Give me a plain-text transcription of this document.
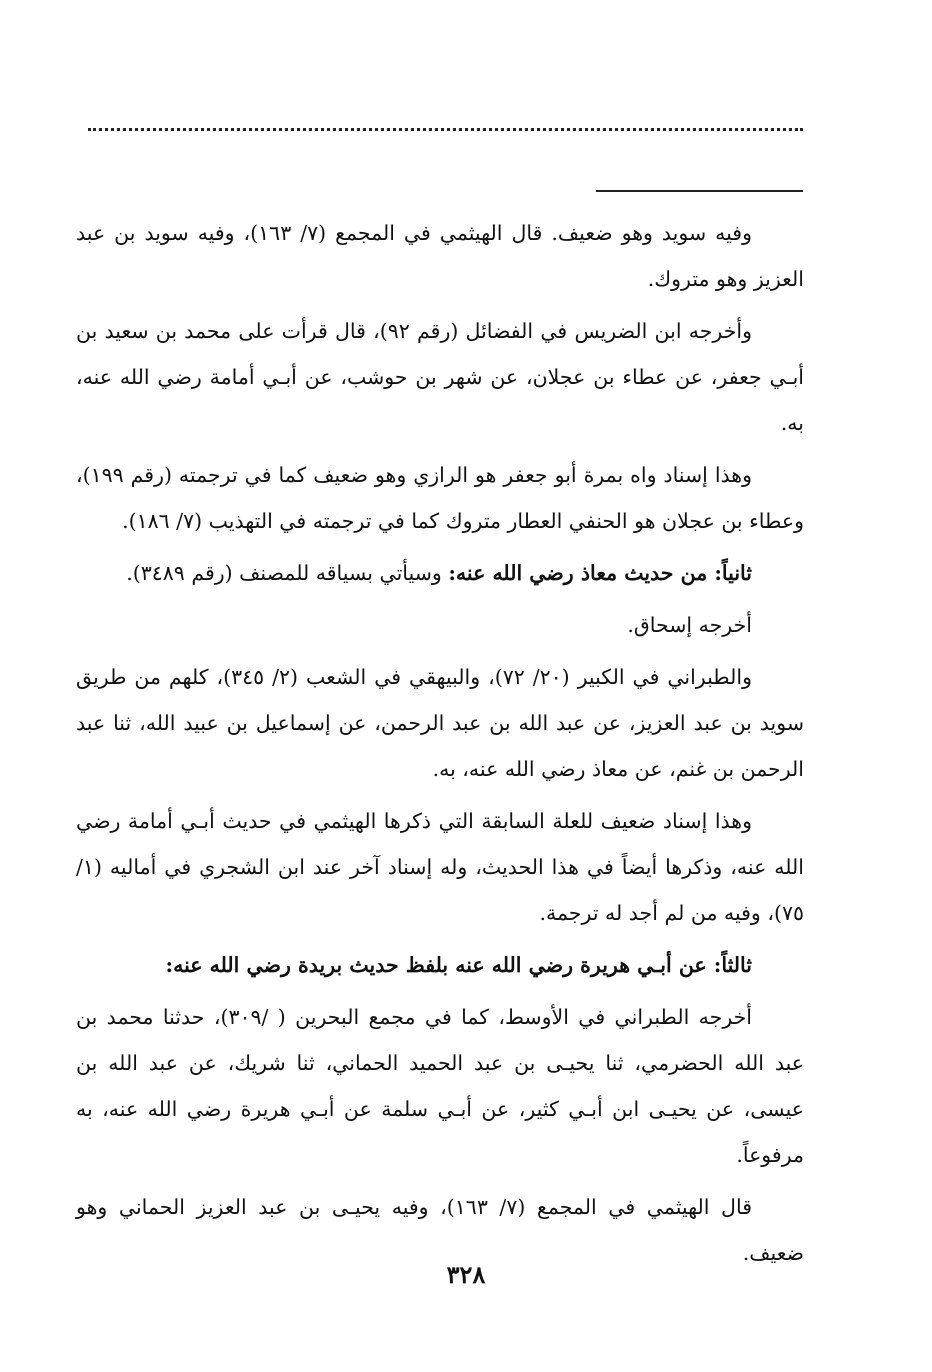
وفيه سويد وهو ضعيف. قال الهيثمي في المجمع (٧/ ١٦٣)، وفيه سويد بن عبد العزيز وهو متروك.

وأخرجه ابن الضريس في الفضائل (رقم ٩٢)، قال قرأت على محمد بن سعيد بن أبـي جعفر، عن عطاء بن عجلان، عن شهر بن حوشب، عن أبـي أمامة رضي الله عنه، به.

وهذا إسناد واه بمرة أبو جعفر هو الرازي وهو ضعيف كما في ترجمته (رقم ١٩٩)، وعطاء بن عجلان هو الحنفي العطار متروك كما في ترجمته في التهذيب (٧/ ١٨٦).

ثانياً: من حديث معاذ رضي الله عنه: وسيأتي بسياقه للمصنف (رقم ٣٤٨٩).

أخرجه إسحاق.

والطبراني في الكبير (٢٠/ ٧٢)، والبيهقي في الشعب (٢/ ٣٤٥)، كلهم من طريق سويد بن عبد العزيز، عن عبد الله بن عبد الرحمن، عن إسماعيل بن عبيد الله، ثنا عبد الرحمن بن غنم، عن معاذ رضي الله عنه، به.

وهذا إسناد ضعيف للعلة السابقة التي ذكرها الهيثمي في حديث أبـي أمامة رضي الله عنه، وذكرها أيضاً في هذا الحديث، وله إسناد آخر عند ابن الشجري في أماليه (١/ ٧٥)، وفيه من لم أجد له ترجمة.

ثالثاً: عن أبـي هريرة رضي الله عنه بلفظ حديث بريدة رضي الله عنه:

أخرجه الطبراني في الأوسط، كما في مجمع البحرين ( /٣٠٩)، حدثنا محمد بن عبد الله الحضرمي، ثنا يحيـى بن عبد الحميد الحماني، ثنا شريك، عن عبد الله بن عيسى، عن يحيـى ابن أبـي كثير، عن أبـي سلمة عن أبـي هريرة رضي الله عنه، به مرفوعاً.

قال الهيثمي في المجمع (٧/ ١٦٣)، وفيه يحيـى بن عبد العزيز الحماني وهو ضعيف.

٣٢٨
